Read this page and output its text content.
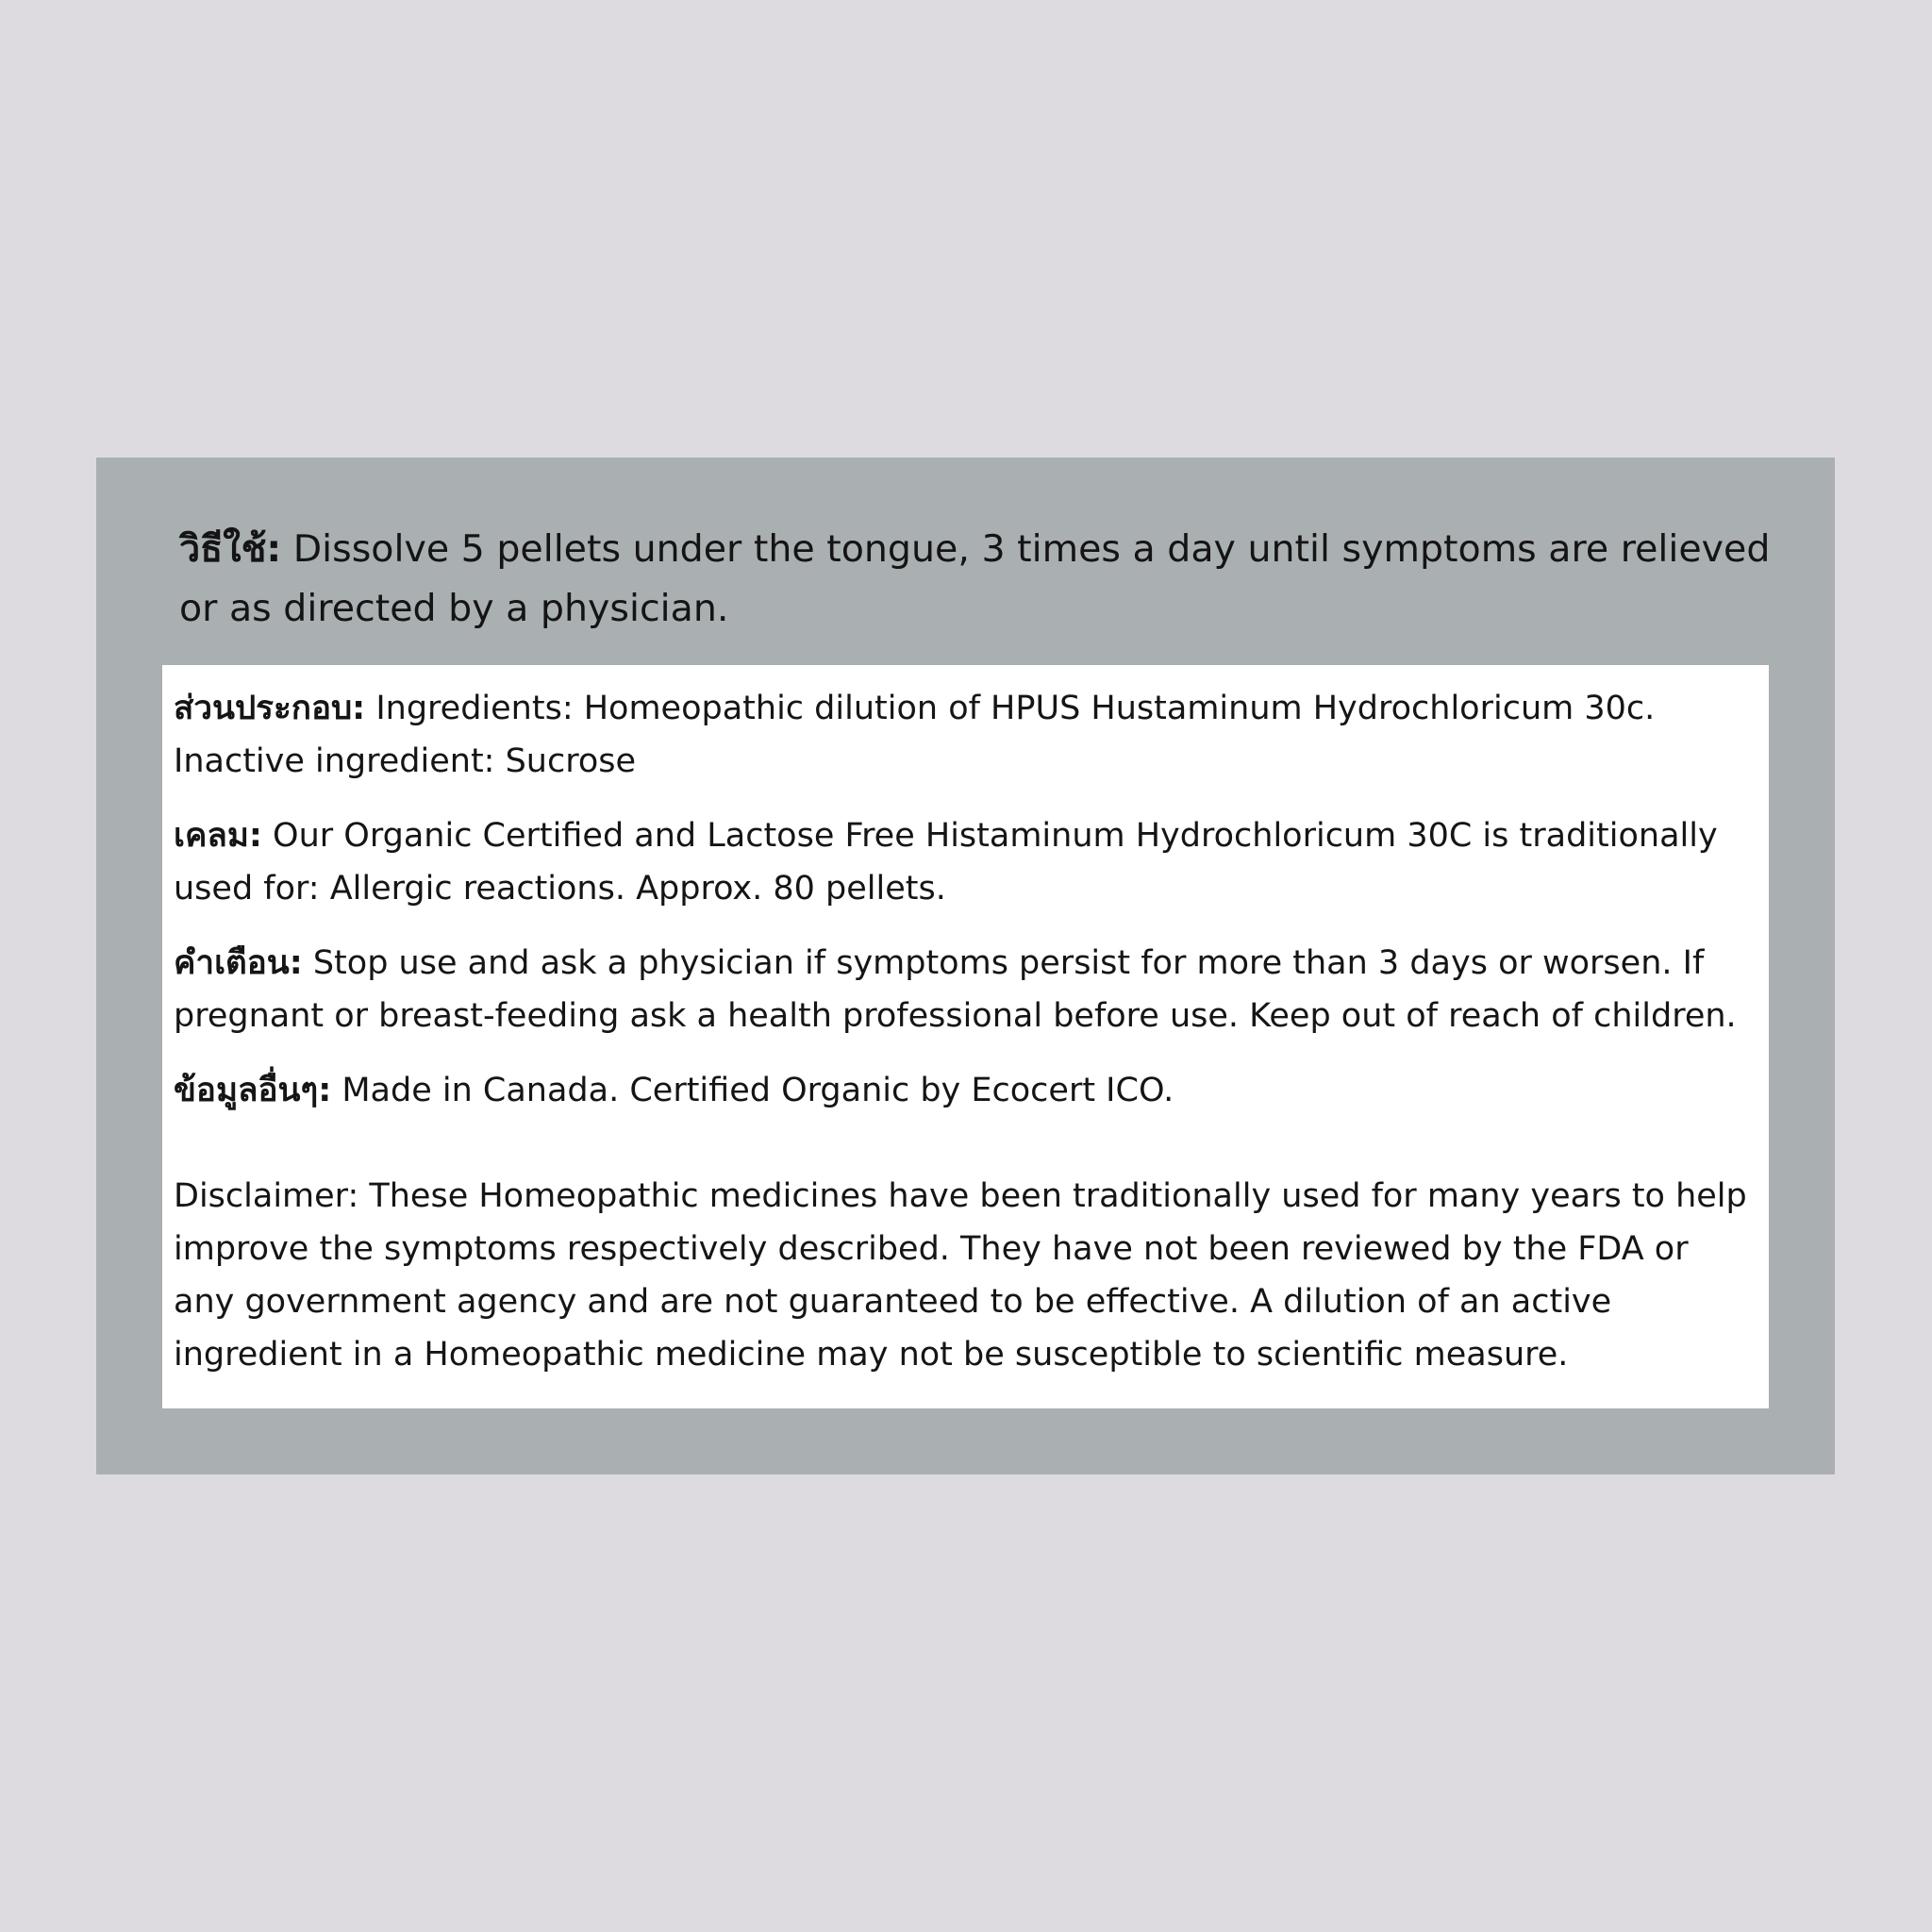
วิธีใช้: Dissolve 5 pellets under the tongue, 3 times a day until symptoms are relieved or as directed by a physician.

ส่วนประกอบ: Ingredients: Homeopathic dilution of HPUS Hustaminum Hydrochloricum 30c. Inactive ingredient: Sucrose

เคลม: Our Organic Certified and Lactose Free Histaminum Hydrochloricum 30C is traditionally used for: Allergic reactions. Approx. 80 pellets.

คำเตือน: Stop use and ask a physician if symptoms persist for more than 3 days or worsen. If pregnant or breast-feeding ask a health professional before use. Keep out of reach of children.

ข้อมูลอื่นๆ: Made in Canada. Certified Organic by Ecocert ICO.

Disclaimer: These Homeopathic medicines have been traditionally used for many years to help improve the symptoms respectively described. They have not been reviewed by the FDA or any government agency and are not guaranteed to be effective. A dilution of an active ingredient in a Homeopathic medicine may not be susceptible to scientific measure.
